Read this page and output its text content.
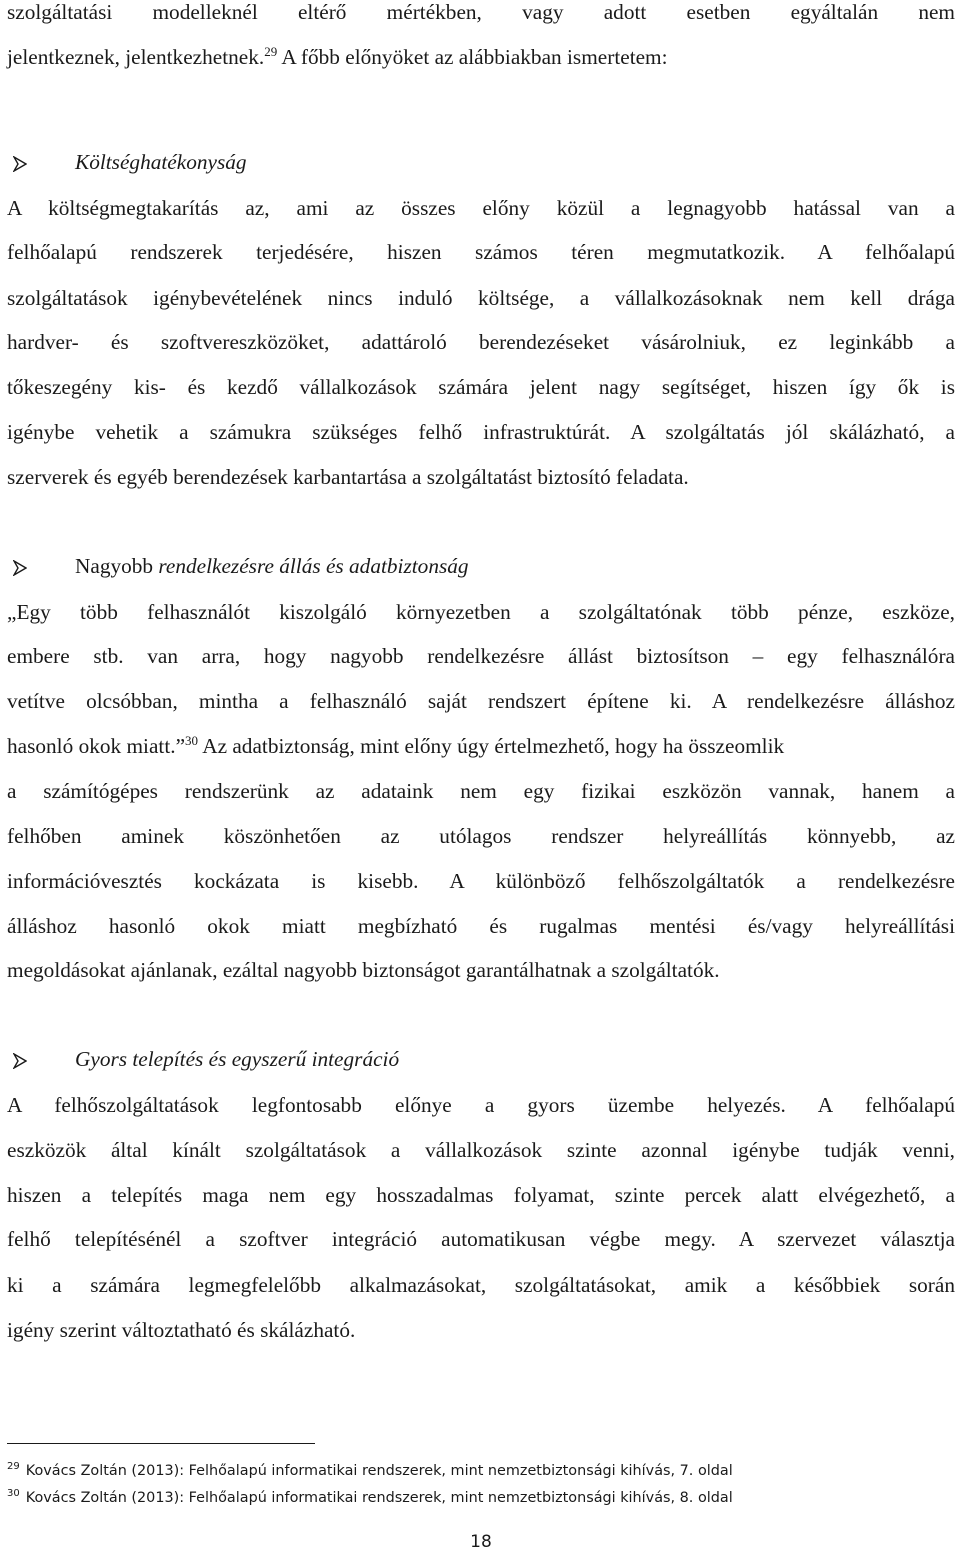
szolgáltatási modelleknél eltérő mértékben, vagy adott esetben egyáltalán nem
jelentkeznek, jelentkezhetnek.$^{29}$ A főbb előnyöket az alábbiakban ismertetem:
Költséghatékonyság
A költségmegtakarítás az, ami az összes előny közül a legnagyobb hatással van a
felhőalapú rendszerek terjedésére, hiszen számos téren megmutatkozik. A felhőalapú
szolgáltatások igénybevételének nincs induló költsége, a vállalkozásoknak nem kell drága
hardver- és szoftvereszközöket, adattároló berendezéseket vásárolniuk, ez leginkább a
tőkeszegény kis- és kezdő vállalkozások számára jelent nagy segítséget, hiszen így ők is
igénybe vehetik a számukra szükséges felhő infrastruktúrát. A szolgáltatás jól skálázható, a
szerverek és egyéb berendezések karbantartása a szolgáltatást biztosító feladata.
Nagyobb rendelkezésre állás és adatbiztonság
„Egy több felhasználót kiszolgáló környezetben a szolgáltatónak több pénze, eszköze,
embere stb. van arra, hogy nagyobb rendelkezésre állást biztosítson – egy felhasználóra
vetítve olcsóbban, mintha a felhasználó saját rendszert építene ki. A rendelkezésre álláshoz
hasonló okok miatt.”$^{30}$ Az adatbiztonság, mint előny úgy értelmezhető, hogy ha összeomlik
a számítógépes rendszerünk az adataink nem egy fizikai eszközön vannak, hanem a
felhőben aminek köszönhetően az utólagos rendszer helyreállítás könnyebb, az
információvesztés kockázata is kisebb. A különböző felhőszolgáltatók a rendelkezésre
álláshoz hasonló okok miatt megbízható és rugalmas mentési és/vagy helyreállítási
megoldásokat ajánlanak, ezáltal nagyobb biztonságot garantálhatnak a szolgáltatók.
Gyors telepítés és egyszerű integráció
A felhőszolgáltatások legfontosabb előnye a gyors üzembe helyezés. A felhőalapú
eszközök által kínált szolgáltatások a vállalkozások szinte azonnal igénybe tudják venni,
hiszen a telepítés maga nem egy hosszadalmas folyamat, szinte percek alatt elvégezhető, a
felhő telepítésénél a szoftver integráció automatikusan végbe megy. A szervezet választja
ki a számára legmegfelelőbb alkalmazásokat, szolgáltatásokat, amik a későbbiek során
igény szerint változtatható és skálázható.
$^{29}$ Kovács Zoltán (2013): Felhőalapú informatikai rendszerek, mint nemzetbiztonsági kihívás, 7. oldal
$^{30}$ Kovács Zoltán (2013): Felhőalapú informatikai rendszerek, mint nemzetbiztonsági kihívás, 8. oldal
18
